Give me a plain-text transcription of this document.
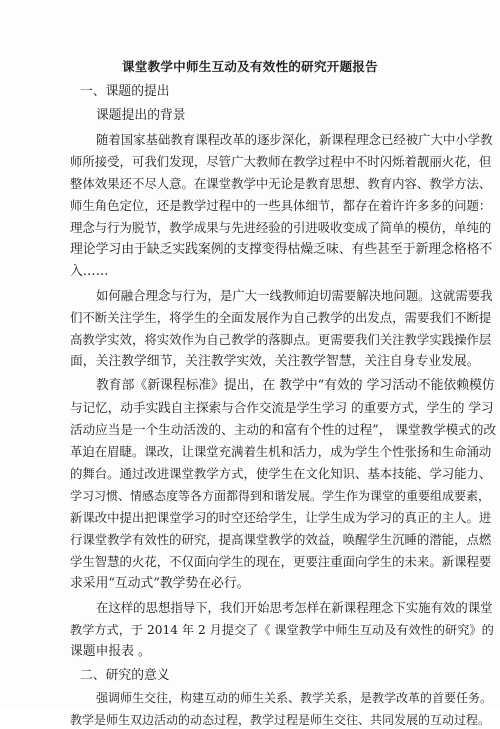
课堂教学中师生互动及有效性的研究开题报告
一、课题的提出
课题提出的背景
随着国家基础教育课程改革的逐步深化，新课程理念已经被广大中小学教
师所接受，可我们发现，尽管广大教师在教学过程中不时闪烁着靓丽火花，但
整体效果还不尽人意。在课堂教学中无论是教育思想、教育内容、教学方法、
师生角色定位，还是教学过程中的一些具体细节，都存在着许许多多的问题：
理念与行为脱节，教学成果与先进经验的引进吸收变成了简单的模仿，单纯的
理论学习由于缺乏实践案例的支撑变得枯燥乏味、有些甚至于新理念格格不
入……
如何融合理念与行为，是广大一线教师迫切需要解决地问题。这就需要我
们不断关注学生，将学生的全面发展作为自己教学的出发点，需要我们不断提
高教学实效，将实效作为自己教学的落脚点。更需要我们关注教学实践操作层
面，关注教学细节，关注教学实效，关注教学智慧，关注自身专业发展。
教育部《新课程标准》提出，在 教学中“有效的 学习活动不能依赖模仿
与记忆，动手实践自主探索与合作交流是学生学习 的重要方式，学生的 学习
活动应当是一个生动活泼的、主动的和富有个性的过程”， 课堂教学模式的改
革迫在眉睫。课改，让课堂充满着生机和活力，成为学生个性张扬和生命涌动
的舞台。通过改进课堂教学方式，使学生在文化知识、基本技能、学习能力、
学习习惯、情感态度等各方面都得到和谐发展。学生作为课堂的重要组成要素，
新课改中提出把课堂学习的时空还给学生，让学生成为学习的真正的主人。进
行课堂教学有效性的研究，提高课堂教学的效益，唤醒学生沉睡的潜能，点燃
学生智慧的火花，不仅面向学生的现在，更要注重面向学生的未来。新课程要
求采用“互动式”教学势在必行。
在这样的思想指导下，我们开始思考怎样在新课程理念下实施有效的课堂
教学方式，于 2014 年 2 月提交了《 课堂教学中师生互动及有效性的研究》的
课题申报表 。
二、研究的意义
强调师生交往，构建互动的师生关系、教学关系，是教学改革的首要任务。
教学是师生双边活动的动态过程，教学过程是师生交往、共同发展的互动过程。
